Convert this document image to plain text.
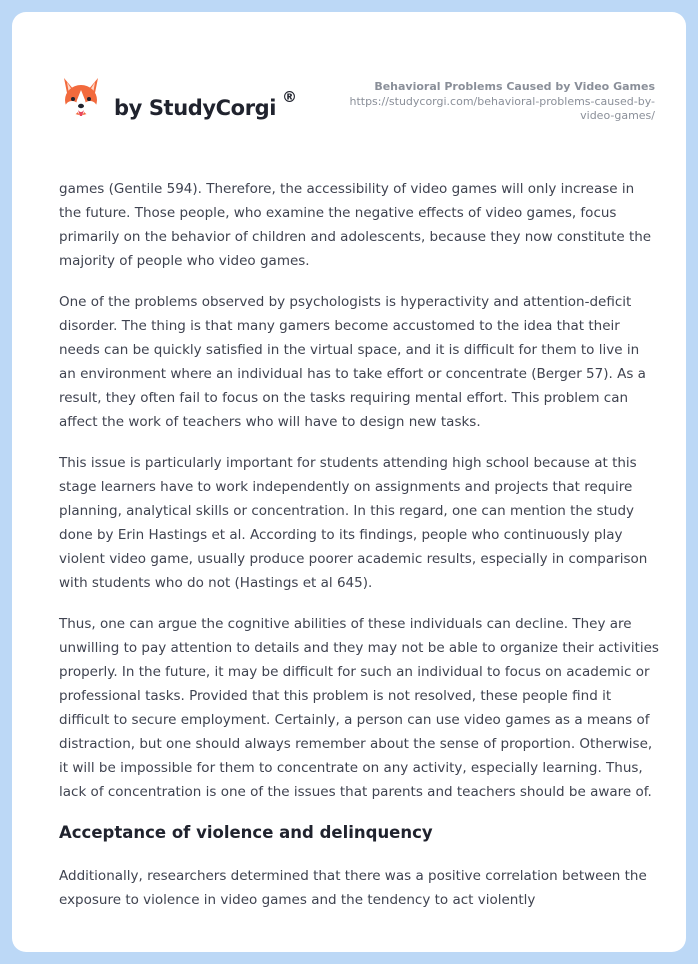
by StudyCorgi ®
Behavioral Problems Caused by Video Games
https://studycorgi.com/behavioral-problems-caused-by-video-games/

games (Gentile 594). Therefore, the accessibility of video games will only increase in the future. Those people, who examine the negative effects of video games, focus primarily on the behavior of children and adolescents, because they now constitute the majority of people who video games.

One of the problems observed by psychologists is hyperactivity and attention-deficit disorder. The thing is that many gamers become accustomed to the idea that their needs can be quickly satisfied in the virtual space, and it is difficult for them to live in an environment where an individual has to take effort or concentrate (Berger 57). As a result, they often fail to focus on the tasks requiring mental effort. This problem can affect the work of teachers who will have to design new tasks.

This issue is particularly important for students attending high school because at this stage learners have to work independently on assignments and projects that require planning, analytical skills or concentration. In this regard, one can mention the study done by Erin Hastings et al. According to its findings, people who continuously play violent video game, usually produce poorer academic results, especially in comparison with students who do not (Hastings et al 645).

Thus, one can argue the cognitive abilities of these individuals can decline. They are unwilling to pay attention to details and they may not be able to organize their activities properly. In the future, it may be difficult for such an individual to focus on academic or professional tasks. Provided that this problem is not resolved, these people find it difficult to secure employment. Certainly, a person can use video games as a means of distraction, but one should always remember about the sense of proportion. Otherwise, it will be impossible for them to concentrate on any activity, especially learning. Thus, lack of concentration is one of the issues that parents and teachers should be aware of.

Acceptance of violence and delinquency

Additionally, researchers determined that there was a positive correlation between the exposure to violence in video games and the tendency to act violently
